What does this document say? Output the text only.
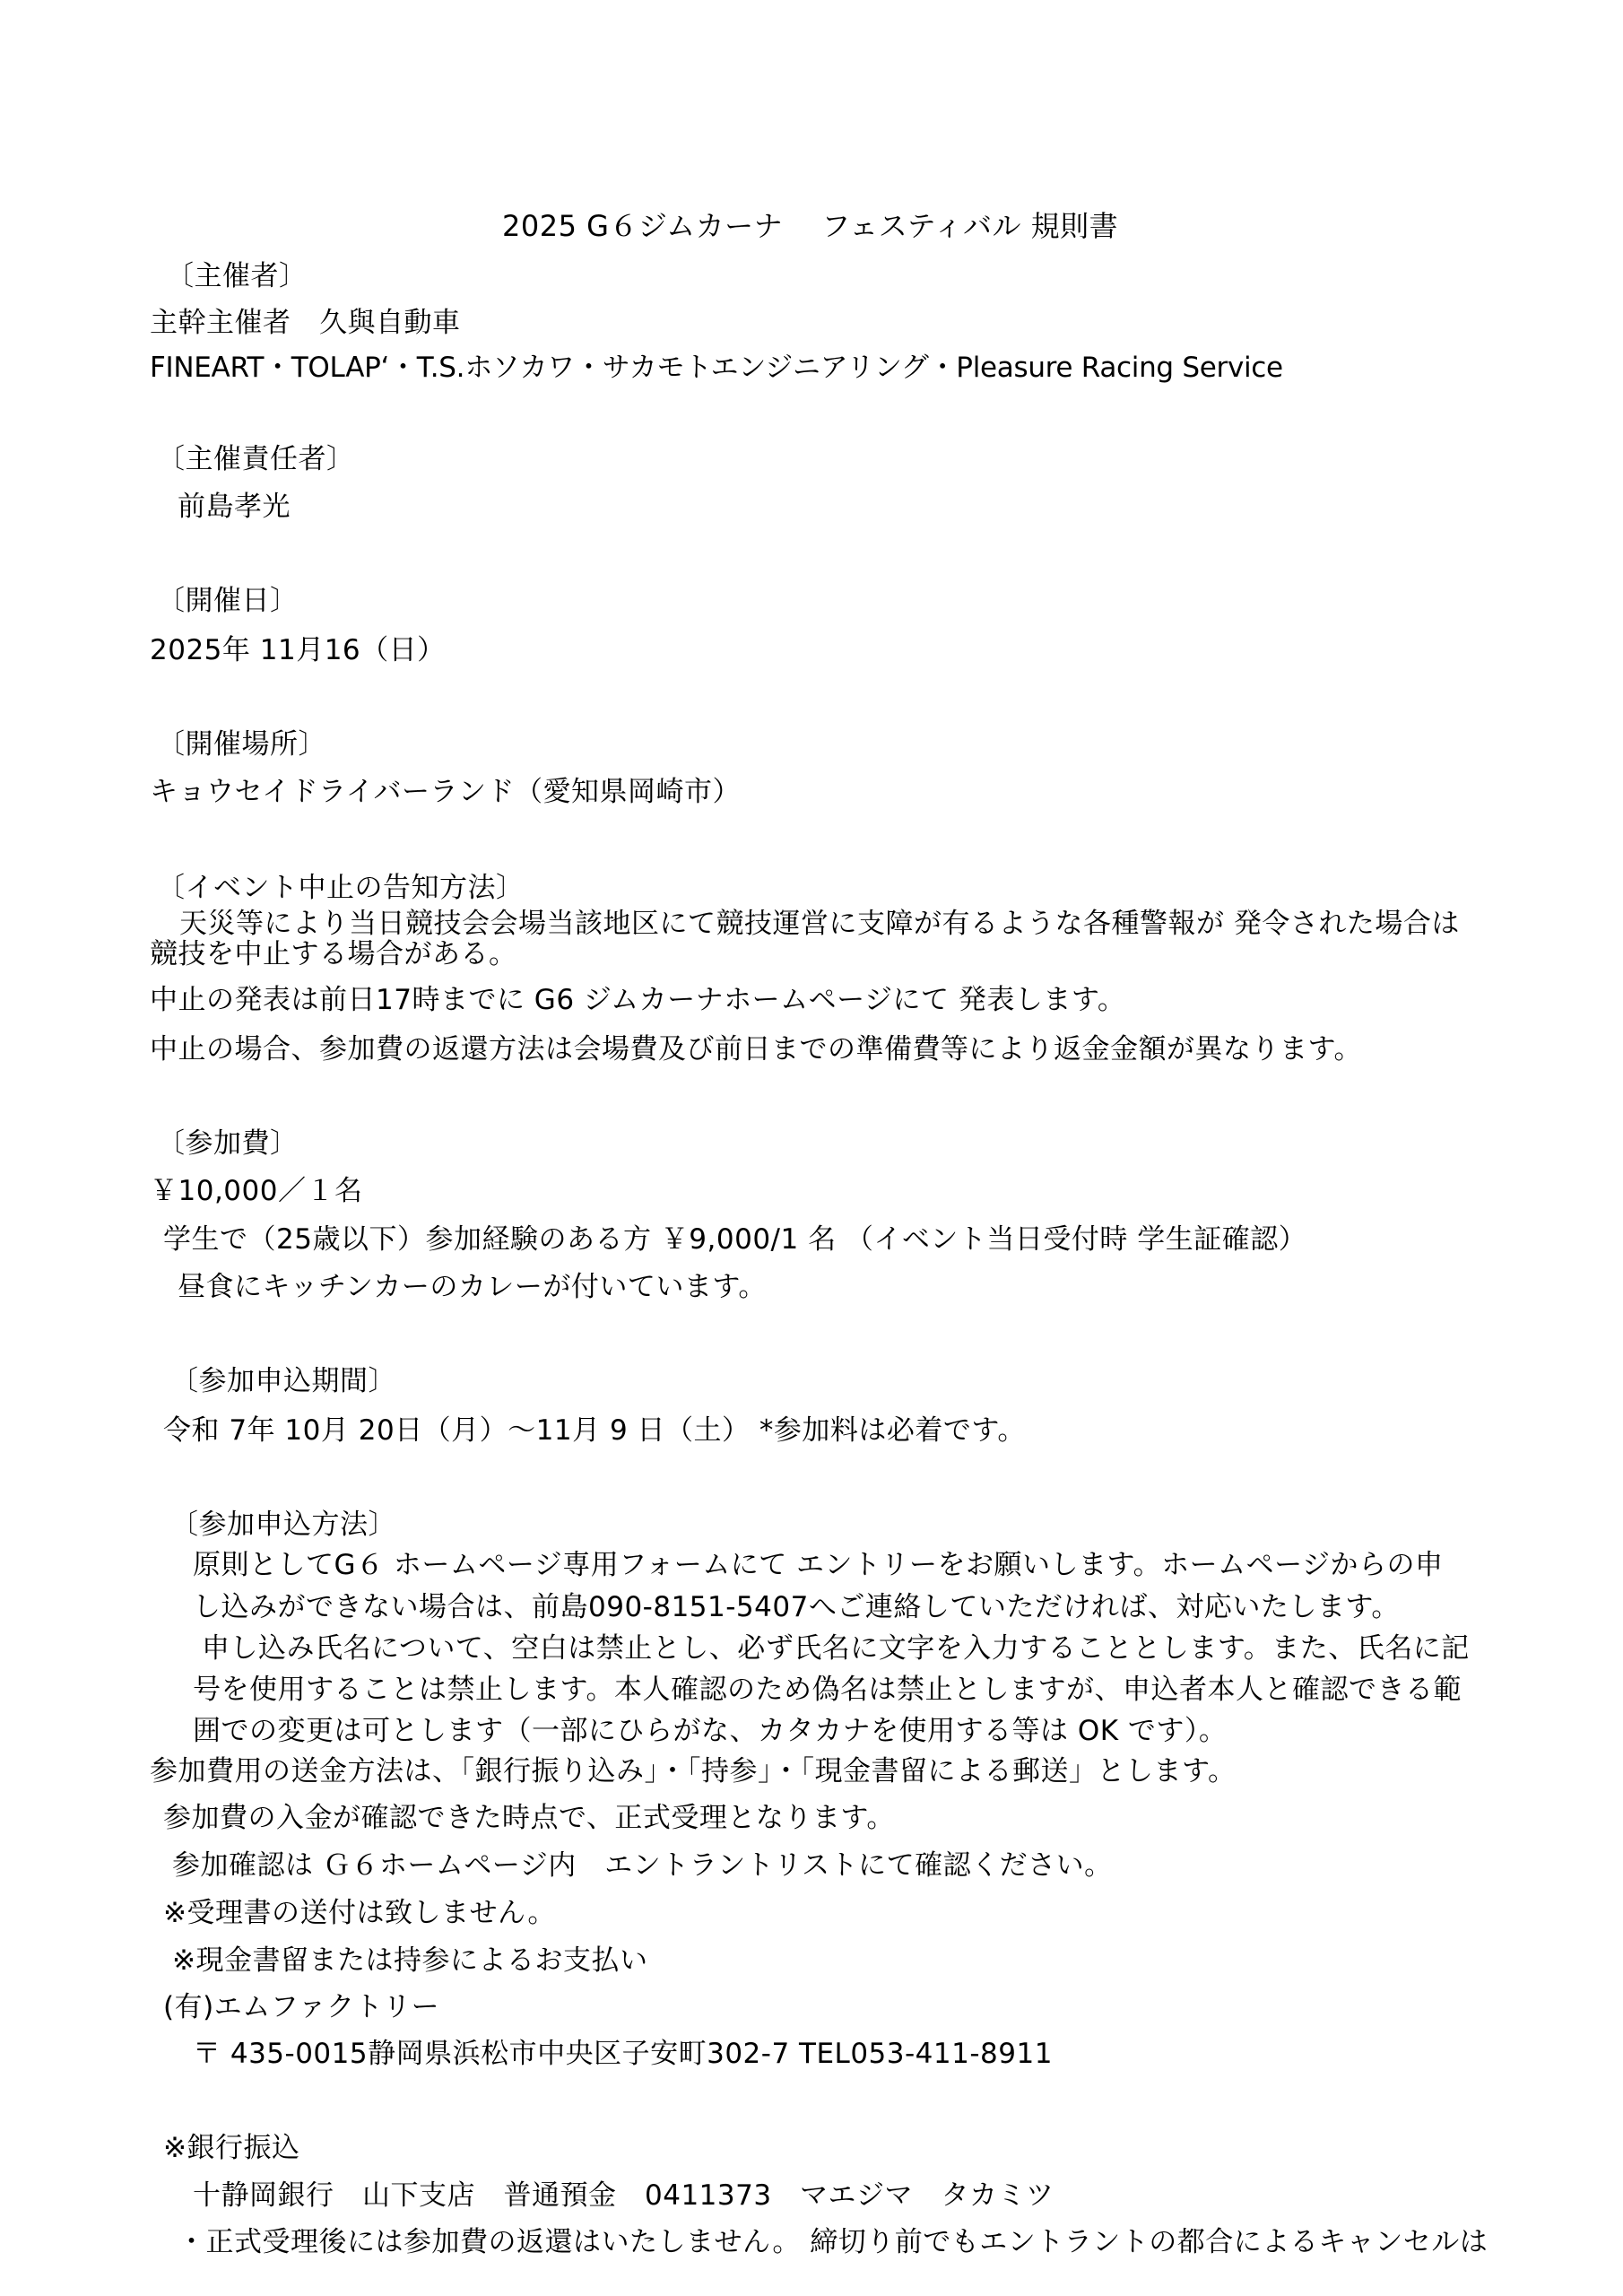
2025 G６ジムカーナ　 フェスティバル 規則書
〔主催者〕
主幹主催者　久與自動車
FINEART・TOLAP‘・T.S.ホソカワ・サカモトエンジニアリング・Pleasure Racing Service
〔主催責任者〕
前島孝光
〔開催日〕
2025年 11月16（日）
〔開催場所〕
キョウセイドライバーランド（愛知県岡崎市）
〔イベント中止の告知方法〕
天災等により当日競技会会場当該地区にて競技運営に支障が有るような各種警報が 発令された場合は
競技を中止する場合がある。
中止の発表は前日17時までに G6 ジムカーナホームページにて 発表します。
中止の場合、参加費の返還方法は会場費及び前日までの準備費等により返金金額が異なります。
〔参加費〕
￥10,000／１名
学生で（25歳以下）参加経験のある方 ￥9,000/1 名 （イベント当日受付時 学生証確認）
昼食にキッチンカーのカレーが付いています。
〔参加申込期間〕
令和 7年 10月 20日（月）～11月 9 日（土） *参加料は必着です。
〔参加申込方法〕
原則としてG６ ホームページ専用フォームにて エントリーをお願いします。ホームページからの申
し込みができない場合は、前島090-8151-5407へご連絡していただければ、対応いたします。
申し込み氏名について、空白は禁止とし、必ず氏名に文字を入力することとします。また、氏名に記
号を使用することは禁止します。本人確認のため偽名は禁止としますが、申込者本人と確認できる範
囲での変更は可とします（一部にひらがな、カタカナを使用する等は OK です）。
参加費用の送金方法は、「銀行振り込み」・「持参」・「現金書留による郵送」とします。
参加費の入金が確認できた時点で、正式受理となります。
参加確認は Ｇ６ホームページ内　エントラントリストにて確認ください。
※受理書の送付は致しません。
※現金書留または持参によるお支払い
(有)エムファクトリー
〒 435-0015静岡県浜松市中央区子安町302-7 TEL053-411-8911
※銀行振込
十静岡銀行　山下支店　普通預金　0411373　マエジマ　タカミツ
・正式受理後には参加費の返還はいたしません。 締切り前でもエントラントの都合によるキャンセルは
